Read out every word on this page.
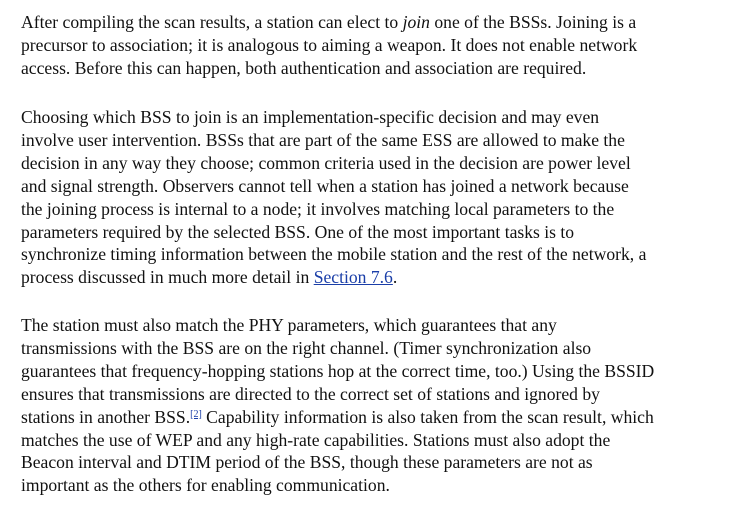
After compiling the scan results, a station can elect to join one of the BSSs. Joining is a
precursor to association; it is analogous to aiming a weapon. It does not enable network
access. Before this can happen, both authentication and association are required.

Choosing which BSS to join is an implementation-specific decision and may even
involve user intervention. BSSs that are part of the same ESS are allowed to make the
decision in any way they choose; common criteria used in the decision are power level
and signal strength. Observers cannot tell when a station has joined a network because
the joining process is internal to a node; it involves matching local parameters to the
parameters required by the selected BSS. One of the most important tasks is to
synchronize timing information between the mobile station and the rest of the network, a
process discussed in much more detail in Section 7.6.

The station must also match the PHY parameters, which guarantees that any
transmissions with the BSS are on the right channel. (Timer synchronization also
guarantees that frequency-hopping stations hop at the correct time, too.) Using the BSSID
ensures that transmissions are directed to the correct set of stations and ignored by
stations in another BSS.[2] Capability information is also taken from the scan result, which
matches the use of WEP and any high-rate capabilities. Stations must also adopt the
Beacon interval and DTIM period of the BSS, though these parameters are not as
important as the others for enabling communication.
